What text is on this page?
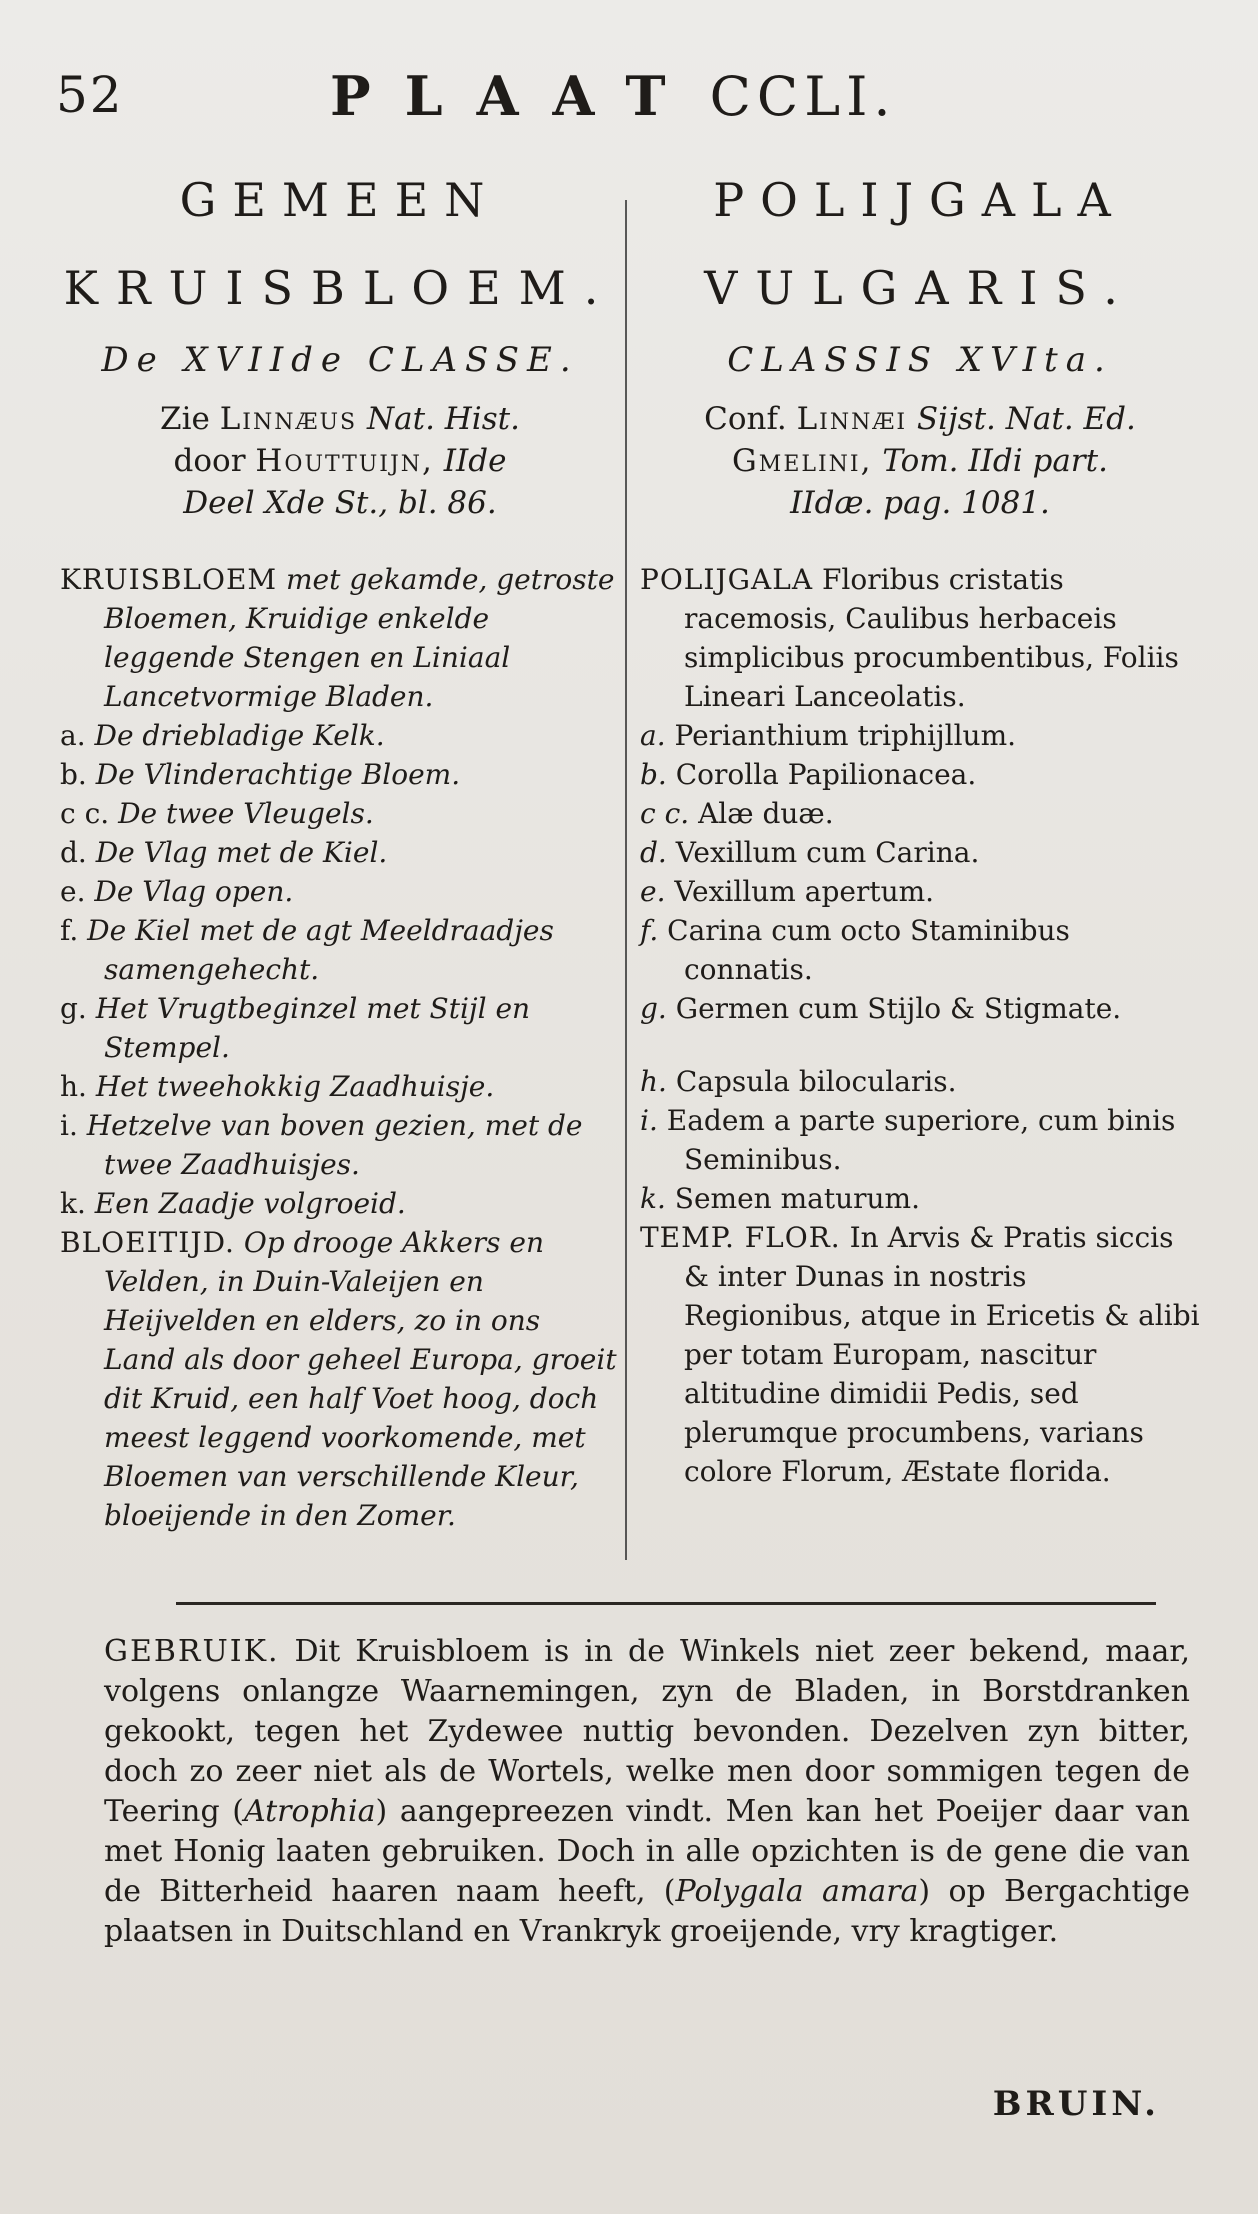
52	PLAAT CCLI.
GEMEEN
KRUISBLOEM.
De XVIIde CLASSE.
Zie Linnæus Nat. Hist.
door Houttuijn, IIde
Deel Xde St., bl. 86.

KRUISBLOEM met gekamde, getroste Bloemen, Kruidige enkelde leggende Stengen en Liniaal Lancetvormige Bladen.

a. De driebladige Kelk.

b. De Vlinderachtige Bloem.

c c. De twee Vleugels.

d. De Vlag met de Kiel.

e. De Vlag open.

f. De Kiel met de agt Meeldraadjes samengehecht.

g. Het Vrugtbeginzel met Stijl en Stempel.

h. Het tweehokkig Zaadhuisje.

i. Hetzelve van boven gezien, met de twee Zaadhuisjes.

k. Een Zaadje volgroeid.

BLOEITIJD. Op drooge Akkers en Velden, in Duin-Valeijen en Heijvelden en elders, zo in ons Land als door geheel Europa, groeit dit Kruid, een half Voet hoog, doch meest leggend voorkomende, met Bloemen van verschillende Kleur, bloeijende in den Zomer.

POLIJGALA
VULGARIS.
CLASSIS XVIta.
Conf. Linnæi Sijst. Nat. Ed.
Gmelini, Tom. IIdi part.
IIdæ. pag. 1081.

POLIJGALA Floribus cristatis racemosis, Caulibus herbaceis simplicibus procumbentibus, Foliis Lineari Lanceolatis.

a. Perianthium triphijllum.

b. Corolla Papilionacea.

c c. Alæ duæ.

d. Vexillum cum Carina.

e. Vexillum apertum.

f. Carina cum octo Staminibus connatis.

g. Germen cum Stijlo & Stigmate.

h. Capsula bilocularis.

i. Eadem a parte superiore, cum binis Seminibus.

k. Semen maturum.

TEMP. FLOR. In Arvis & Pratis siccis & inter Dunas in nostris Regionibus, atque in Ericetis & alibi per totam Europam, nascitur altitudine dimidii Pedis, sed plerumque procumbens, varians colore Florum, Æstate florida.

GEBRUIK. Dit Kruisbloem is in de Winkels niet zeer bekend, maar, volgens onlangze Waarnemingen, zyn de Bladen, in Borstdranken gekookt, tegen het Zydewee nuttig bevonden. Dezelven zyn bitter, doch zo zeer niet als de Wortels, welke men door sommigen tegen de Teering (Atrophia) aangepreezen vindt. Men kan het Poeijer daar van met Honig laaten gebruiken. Doch in alle opzichten is de gene die van de Bitterheid haaren naam heeft, (Polygala amara) op Bergachtige plaatsen in Duitschland en Vrankryk groeijende, vry kragtiger.
BRUIN.
